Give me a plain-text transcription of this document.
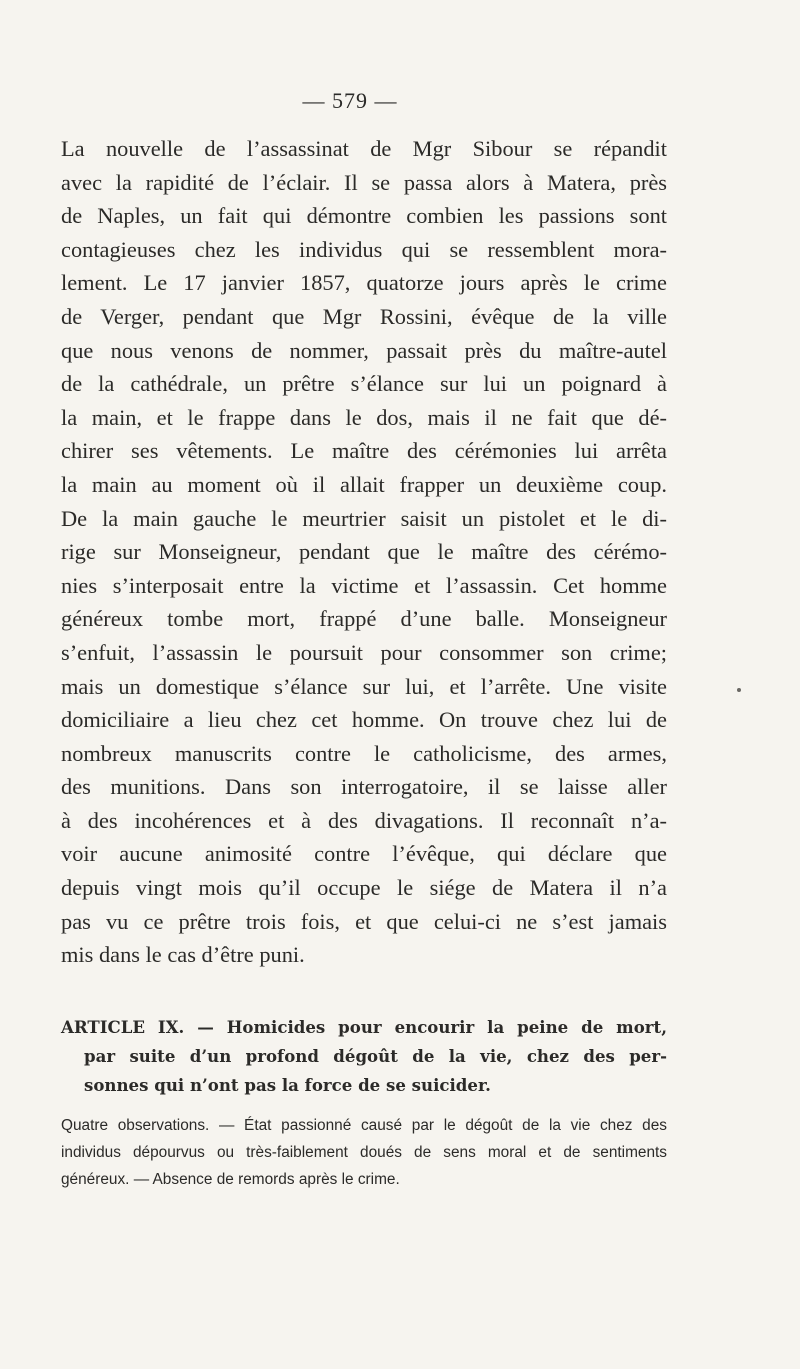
— 579 —
La nouvelle de l’assassinat de Mgr Sibour se répandit
avec la rapidité de l’éclair. Il se passa alors à Matera, près
de Naples, un fait qui démontre combien les passions sont
contagieuses chez les individus qui se ressemblent mora-
lement. Le 17 janvier 1857, quatorze jours après le crime
de Verger, pendant que Mgr Rossini, évêque de la ville
que nous venons de nommer, passait près du maître-autel
de la cathédrale, un prêtre s’élance sur lui un poignard à
la main, et le frappe dans le dos, mais il ne fait que dé-
chirer ses vêtements. Le maître des cérémonies lui arrêta
la main au moment où il allait frapper un deuxième coup.
De la main gauche le meurtrier saisit un pistolet et le di-
rige sur Monseigneur, pendant que le maître des cérémo-
nies s’interposait entre la victime et l’assassin. Cet homme
généreux tombe mort, frappé d’une balle. Monseigneur
s’enfuit, l’assassin le poursuit pour consommer son crime;
mais un domestique s’élance sur lui, et l’arrête. Une visite
domiciliaire a lieu chez cet homme. On trouve chez lui de
nombreux manuscrits contre le catholicisme, des armes,
des munitions. Dans son interrogatoire, il se laisse aller
à des incohérences et à des divagations. Il reconnaît n’a-
voir aucune animosité contre l’évêque, qui déclare que
depuis vingt mois qu’il occupe le siége de Matera il n’a
pas vu ce prêtre trois fois, et que celui-ci ne s’est jamais
mis dans le cas d’être puni.
ARTICLE IX. — Homicides pour encourir la peine de mort,
par suite d’un profond dégoût de la vie, chez des per-
sonnes qui n’ont pas la force de se suicider.
Quatre observations. — État passionné causé par le dégoût de la vie chez des
individus dépourvus ou très-faiblement doués de sens moral et de sentiments
généreux. — Absence de remords après le crime.
